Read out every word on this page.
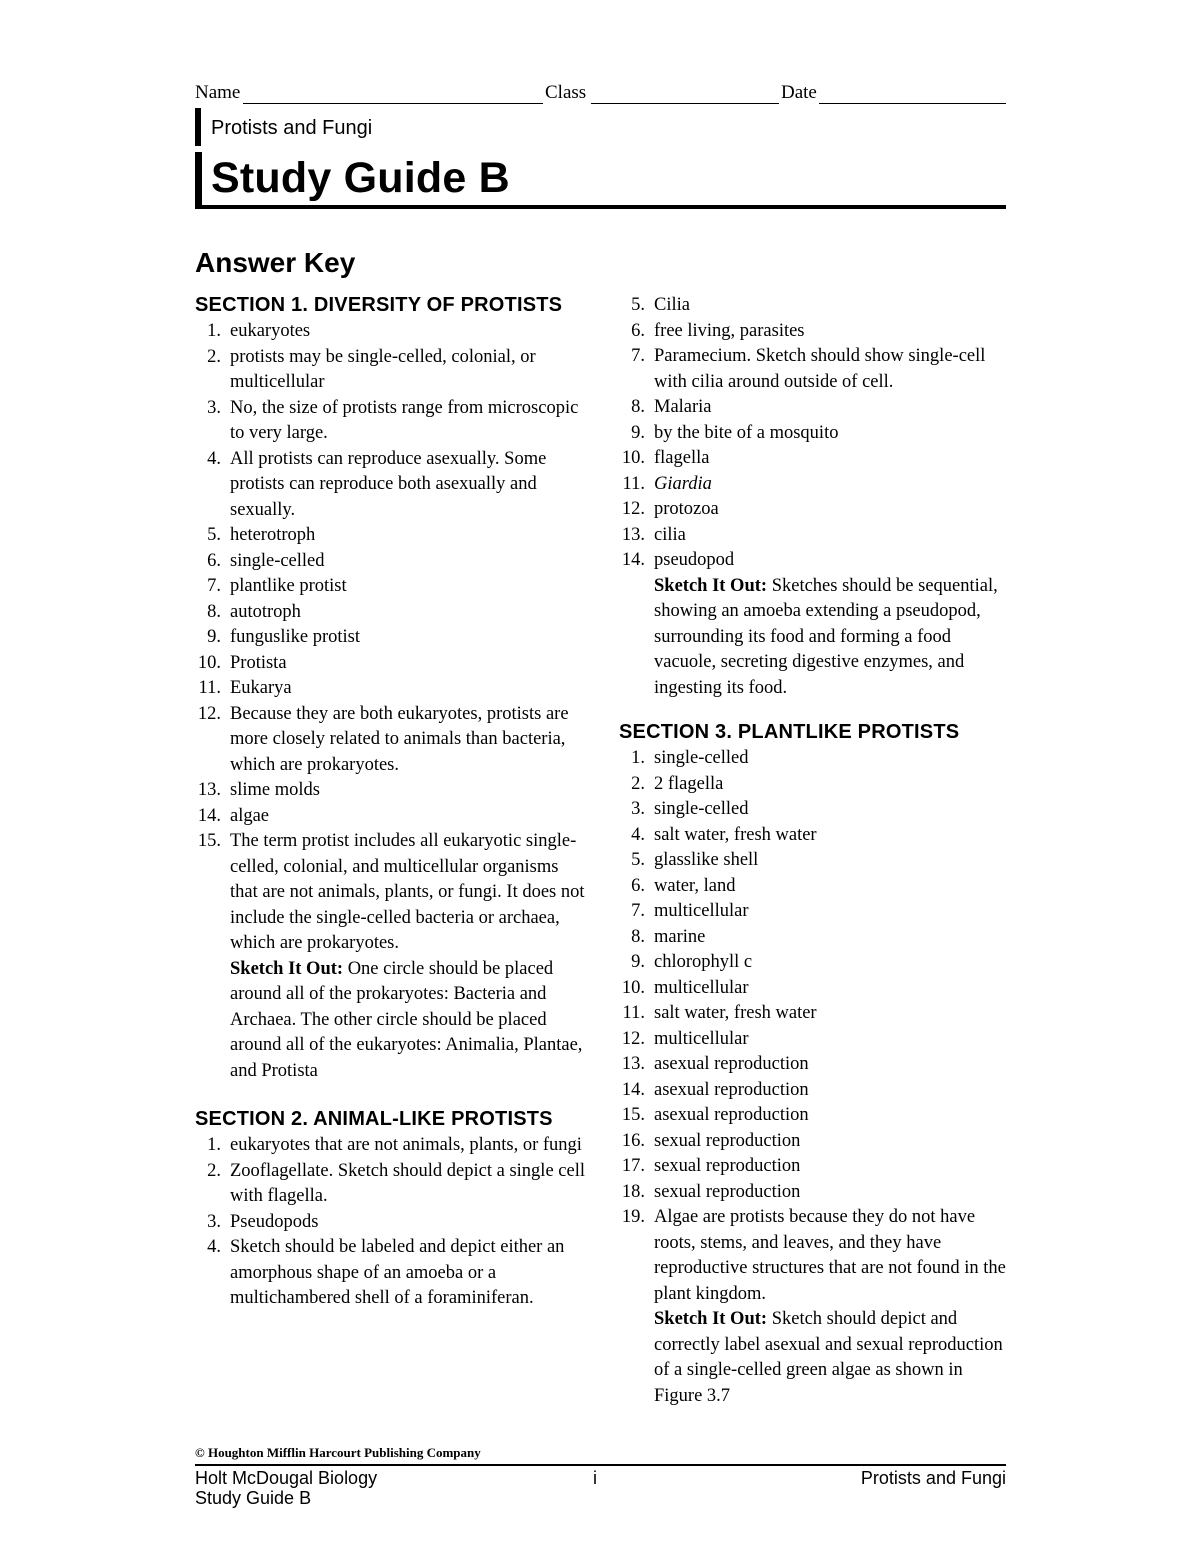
Name	Class	Date
Protists and Fungi
Study Guide B
Answer Key
SECTION 1. DIVERSITY OF PROTISTS
1. eukaryotes
2. protists may be single-celled, colonial, or multicellular
3. No, the size of protists range from microscopic to very large.
4. All protists can reproduce asexually. Some protists can reproduce both asexually and sexually.
5. heterotroph
6. single-celled
7. plantlike protist
8. autotroph
9. funguslike protist
10. Protista
11. Eukarya
12. Because they are both eukaryotes, protists are more closely related to animals than bacteria, which are prokaryotes.
13. slime molds
14. algae
15. The term protist includes all eukaryotic single-celled, colonial, and multicellular organisms that are not animals, plants, or fungi. It does not include the single-celled bacteria or archaea, which are prokaryotes.
Sketch It Out: One circle should be placed around all of the prokaryotes: Bacteria and Archaea. The other circle should be placed around all of the eukaryotes: Animalia, Plantae, and Protista
SECTION 2. ANIMAL-LIKE PROTISTS
1. eukaryotes that are not animals, plants, or fungi
2. Zooflagellate. Sketch should depict a single cell with flagella.
3. Pseudopods
4. Sketch should be labeled and depict either an amorphous shape of an amoeba or a multichambered shell of a foraminiferan.
5. Cilia
6. free living, parasites
7. Paramecium. Sketch should show single-cell with cilia around outside of cell.
8. Malaria
9. by the bite of a mosquito
10. flagella
11. Giardia
12. protozoa
13. cilia
14. pseudopod
Sketch It Out: Sketches should be sequential, showing an amoeba extending a pseudopod, surrounding its food and forming a food vacuole, secreting digestive enzymes, and ingesting its food.
SECTION 3. PLANTLIKE PROTISTS
1. single-celled
2. 2 flagella
3. single-celled
4. salt water, fresh water
5. glasslike shell
6. water, land
7. multicellular
8. marine
9. chlorophyll c
10. multicellular
11. salt water, fresh water
12. multicellular
13. asexual reproduction
14. asexual reproduction
15. asexual reproduction
16. sexual reproduction
17. sexual reproduction
18. sexual reproduction
19. Algae are protists because they do not have roots, stems, and leaves, and they have reproductive structures that are not found in the plant kingdom.
Sketch It Out: Sketch should depict and correctly label asexual and sexual reproduction of a single-celled green algae as shown in Figure 3.7
© Houghton Mifflin Harcourt Publishing Company
Holt McDougal Biology
Study Guide B
i	Protists and Fungi
